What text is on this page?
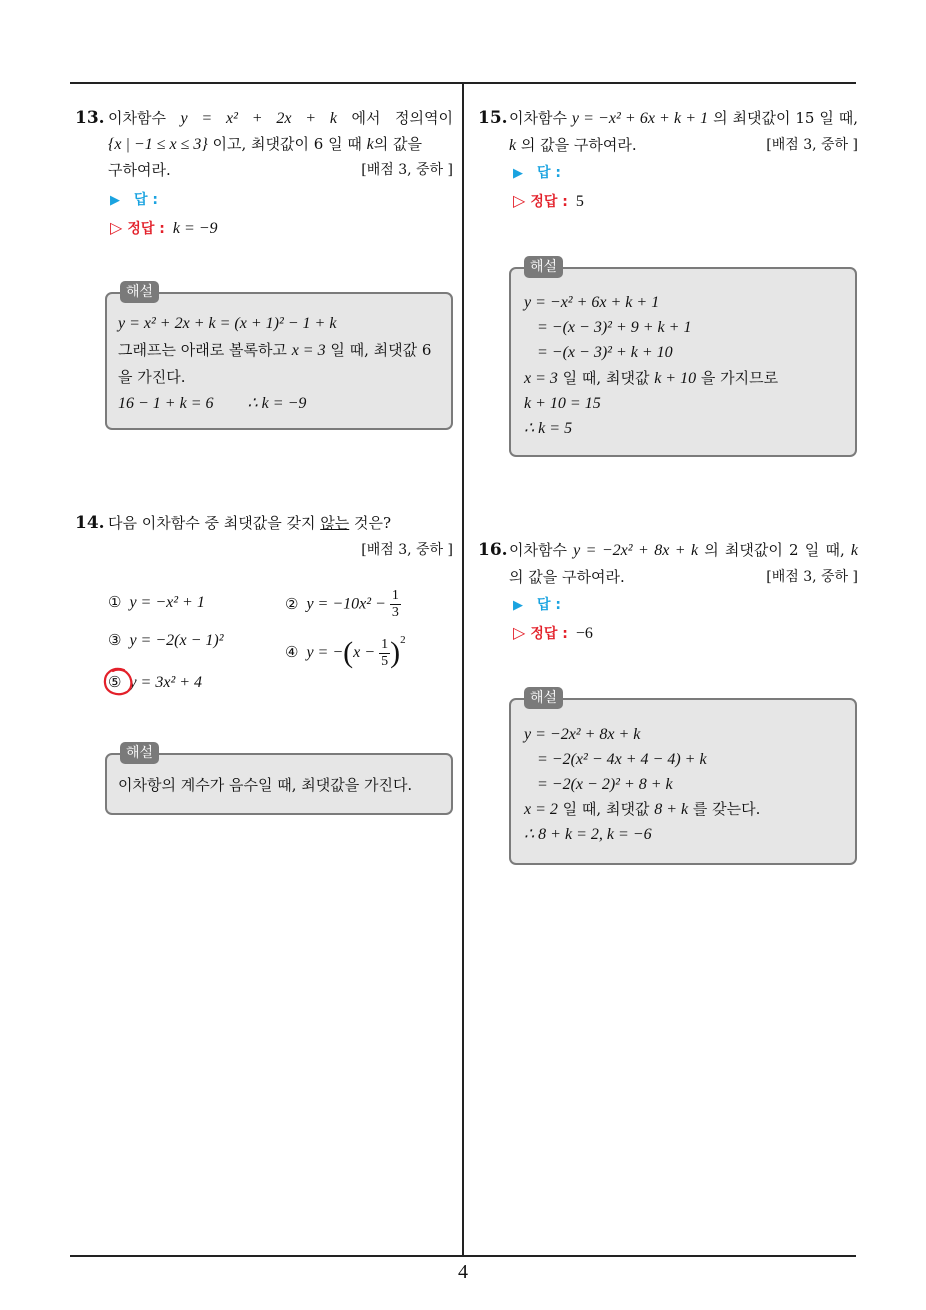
13. 이차함수 y = x² + 2x + k 에서 정의역이
{x | −1 ≤ x ≤ 3} 이고, 최댓값이 6 일 때 k의 값을
구하여라.	[배점 3, 중하 ]
▶ 답 :
▷ 정답 : k = −9
y = x² + 2x + k = (x + 1)² − 1 + k
그래프는 아래로 볼록하고 x = 3 일 때, 최댓값 6
을 가진다.
16 − 1 + k = 6 ∴ k = −9
해설
14. 다음 이차함수 중 최댓값을 갖지 않는 것은?
[배점 3, 중하 ]
① y = −x² + 1	② $y = -10x^2 - \frac{1}{3}$
③ y = −2(x − 1)²
④ $y = -(x - \frac{1}{5} )^2$
⑤ y = 3x² + 4
이차항의 계수가 음수일 때, 최댓값을 가진다.
해설
15. 이차함수 y = −x² + 6x + k + 1 의 최댓값이 15 일 때,
k 의 값을 구하여라.	[배점 3, 중하 ]
▶ 답 :
▷ 정답 : 5
y = −x² + 6x + k + 1
= −(x − 3)² + 9 + k + 1
= −(x − 3)² + k + 10
x = 3 일 때, 최댓값 k + 10 을 가지므로
k + 10 = 15
∴ k = 5
해설
16. 이차함수 y = −2x² + 8x + k 의 최댓값이 2 일 때, k
의 값을 구하여라.	[배점 3, 중하 ]
▶ 답 :
▷ 정답 : −6
y = −2x² + 8x + k
= −2(x² − 4x + 4 − 4) + k
= −2(x − 2)² + 8 + k
x = 2 일 때, 최댓값 8 + k 를 갖는다.
∴ 8 + k = 2, k = −6
해설
4
